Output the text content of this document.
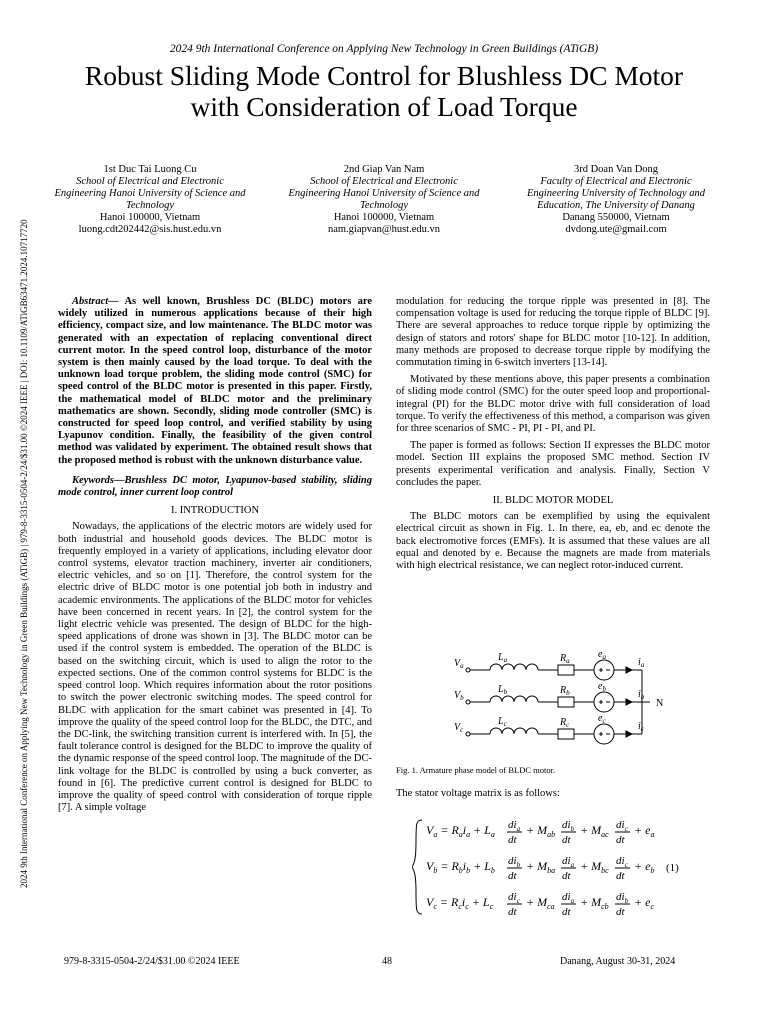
2024 9th International Conference on Applying New Technology in Green Buildings (ATiGB) | 979-8-3315-0504-2/24/$31.00 ©2024 IEEE | DOI: 10.1109/ATiGB63471.2024.10717720
2024 9th International Conference on Applying New Technology in Green Buildings (ATiGB)
Robust Sliding Mode Control for Blushless DC Motor with Consideration of Load Torque
1st Duc Tai Luong Cu
School of Electrical and Electronic Engineering Hanoi University of Science and Technology
Hanoi 100000, Vietnam
luong.cdt202442@sis.hust.edu.vn
2nd Giap Van Nam
School of Electrical and Electronic Engineering Hanoi University of Science and Technology
Hanoi 100000, Vietnam
nam.giapvan@hust.edu.vn
3rd Doan Van Dong
Faculty of Electrical and Electronic Engineering University of Technology and Education, The University of Danang
Danang 550000, Vietnam
dvdong.ute@gmail.com

Abstract— As well known, Brushless DC (BLDC) motors are widely utilized in numerous applications because of their high efficiency, compact size, and low maintenance. The BLDC motor was generated with an expectation of replacing conventional direct current motor. In the speed control loop, disturbance of the motor system is then mainly caused by the load torque. To deal with the unknown load torque problem, the sliding mode control (SMC) for speed control of the BLDC motor is presented in this paper. Firstly, the mathematical model of BLDC motor and the preliminary mathematics are shown. Secondly, sliding mode controller (SMC) is constructed for speed loop control, and verified stability by using Lyapunov condition. Finally, the feasibility of the given control method was validated by experiment. The obtained result shows that the proposed method is robust with the unknown disturbance value.

Keywords—Brushless DC motor, Lyapunov-based stability, sliding mode control, inner current loop control

I. INTRODUCTION

Nowadays, the applications of the electric motors are widely used for both industrial and household goods devices. The BLDC motor is frequently employed in a variety of applications, including elevator door control systems, elevator traction machinery, inverter air conditioners, electric vehicles, and so on [1]. Therefore, the control system for the electric drive of BLDC motor is one potential job both in industry and academic environments. The applications of the BLDC motor for vehicles have been concerned in recent years. In [2], the control system for the light electric vehicle was presented. The design of BLDC for the high-speed applications of drone was shown in [3]. The BLDC motor can be used if the control system is embedded. The operation of the BLDC is based on the switching circuit, which is used to align the rotor to the expected sections. One of the common control systems for BLDC is the speed control loop. Which requires information about the rotor positions to switch the power electronic switching modes. The speed control for BLDC with application for the smart cabinet was presented in [4]. To improve the quality of the speed control loop for the BLDC, the DTC, and the DC-link, the switching transition current is interfered with. In [5], the fault tolerance control is designed for the BLDC to improve the quality of the dynamic response of the speed control loop. The magnitude of the DC-link voltage for the BLDC is controlled by using a buck converter, as found in [6]. The predictive current control is designed for BLDC to improve the quality of speed control with consideration of torque ripple [7]. A simple voltage

modulation for reducing the torque ripple was presented in [8]. The compensation voltage is used for reducing the torque ripple of BLDC [9]. There are several approaches to reduce torque ripple by optimizing the design of stators and rotors' shape for BLDC motor [10-12]. In addition, many methods are proposed to decrease torque ripple by modifying the commutation timing in 6-switch inverters [13-14].

Motivated by these mentions above, this paper presents a combination of sliding mode control (SMC) for the outer speed loop and proportional-integral (PI) for the BLDC motor drive with full consideration of load torque. To verify the effectiveness of this method, a comparison was given for three scenarios of SMC - PI, PI - PI, and PI.

The paper is formed as follows: Section II expresses the BLDC motor model. Section III explains the proposed SMC method. Section IV presents experimental verification and analysis. Finally, Section V concludes the paper.

II. BLDC MOTOR MODEL

The BLDC motors can be exemplified by using the equivalent electrical circuit as shown in Fig. 1. In there, ea, eb, and ec denote the back electromotive forces (EMFs). It is assumed that these values are all equal and denoted by e. Because the magnets are made from materials with high electrical resistance, we can neglect rotor-induced current.

$V_a$
$L_a$	$R_a$
$e_a$	$i_a$
$V_b$
$L_b$	$R_b$
$e_b$	$i_b$
$V_c$
$L_c$	$R_c$
$e_c$	$i_c$
N
Fig. 1. Armature phase model of BLDC motor.
The stator voltage matrix is as follows:
$V_a = R_ai_a + L_a$
$di_a$
dt
+ $M_{ab}$
$di_b$
dt
+ $M_{ac}$
$di_c$
dt
+ $e_a$
$V_b = R_bi_b + L_b$
$di_b$
dt
+ $M_{ba}$
$di_a$
dt
+ $M_{bc}$
$di_c$
dt
+ $e_b$
$V_c = R_ci_c + L_c$
$di_c$
dt
+ $M_{ca}$
$di_a$
dt
+ $M_{cb}$
$di_b$
dt
+ $e_c$
(1)
979-8-3315-0504-2/24/$31.00 ©2024 IEEE	48	Danang, August 30-31, 2024
